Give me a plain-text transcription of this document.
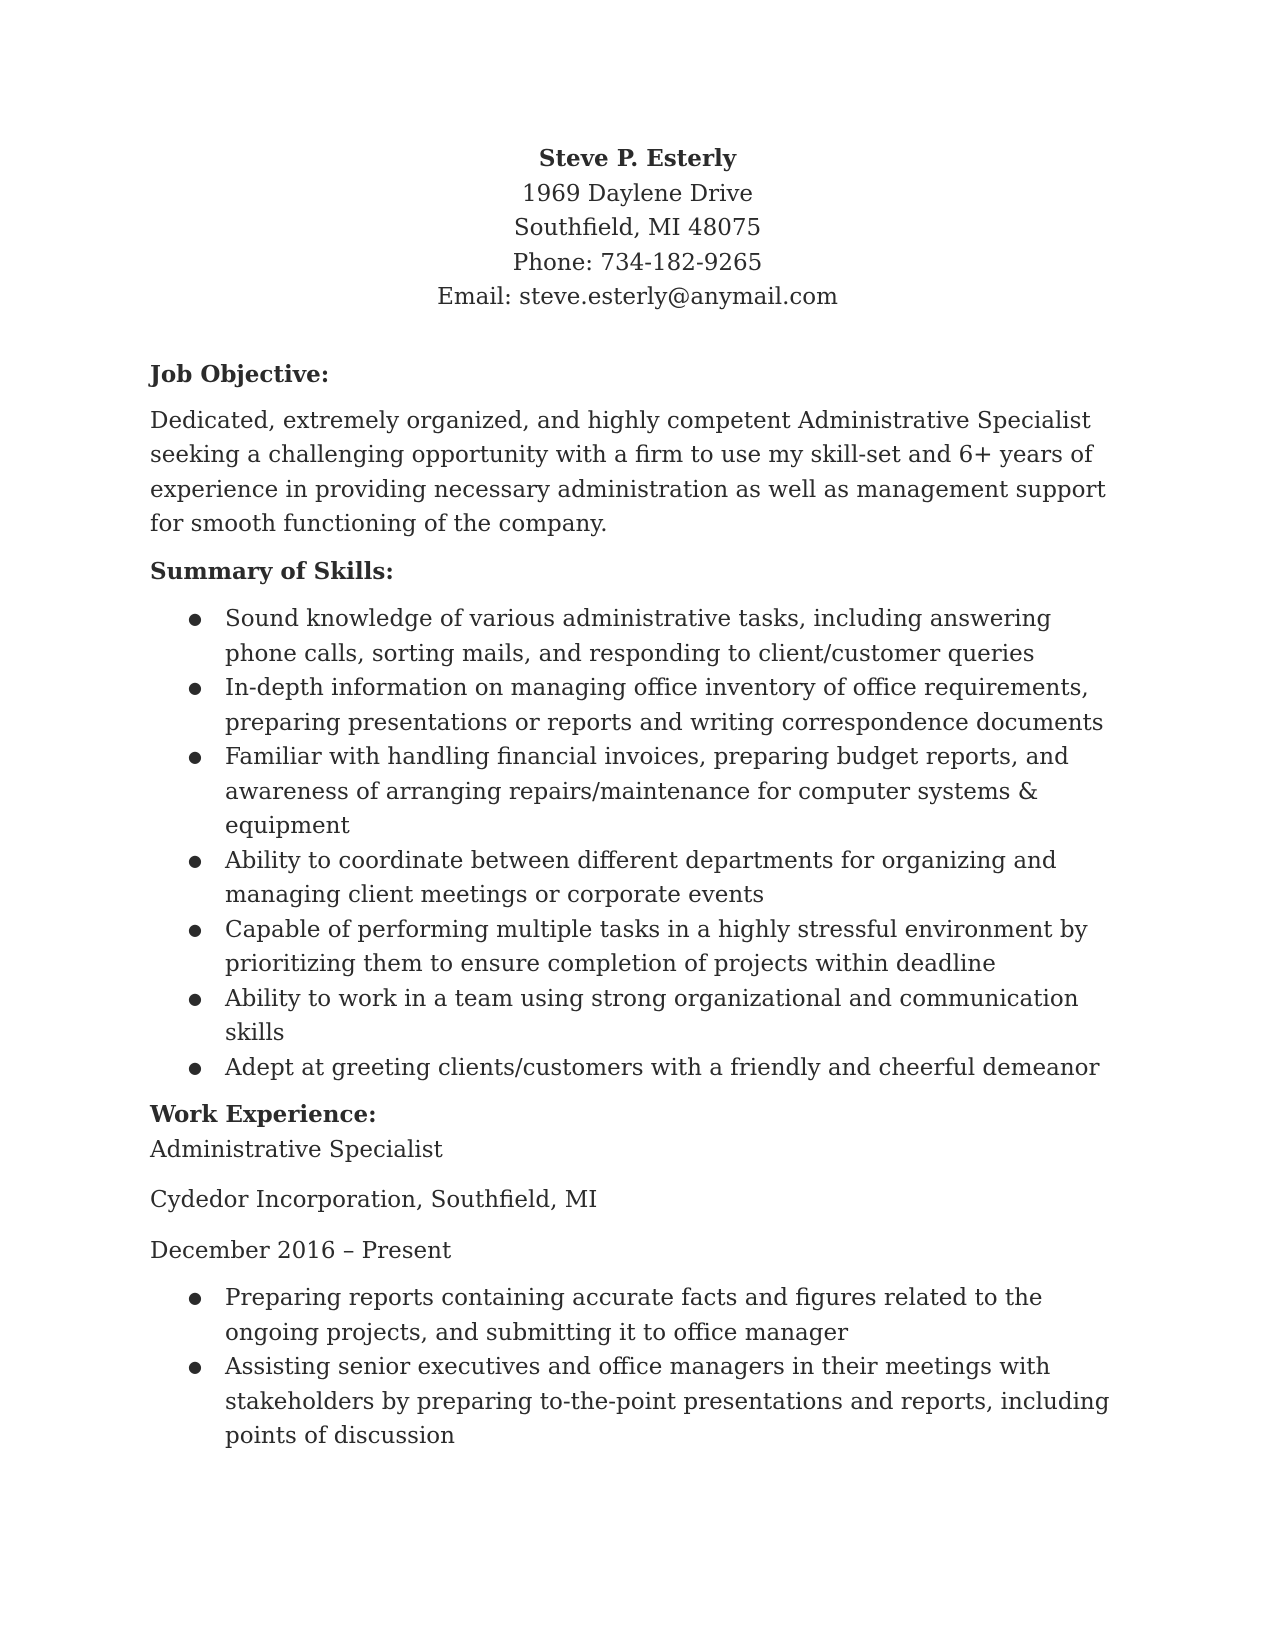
Steve P. Esterly
1969 Daylene Drive
Southfield, MI 48075
Phone: 734-182-9265
Email: steve.esterly@anymail.com

Job Objective:

Dedicated, extremely organized, and highly competent Administrative Specialist seeking a challenging opportunity with a firm to use my skill-set and 6+ years of experience in providing necessary administration as well as management support for smooth functioning of the company.

Summary of Skills:

● Sound knowledge of various administrative tasks, including answering phone calls, sorting mails, and responding to client/customer queries
● In-depth information on managing office inventory of office requirements, preparing presentations or reports and writing correspondence documents
● Familiar with handling financial invoices, preparing budget reports, and awareness of arranging repairs/maintenance for computer systems & equipment
● Ability to coordinate between different departments for organizing and managing client meetings or corporate events
● Capable of performing multiple tasks in a highly stressful environment by prioritizing them to ensure completion of projects within deadline
● Ability to work in a team using strong organizational and communication skills
● Adept at greeting clients/customers with a friendly and cheerful demeanor

Work Experience:

Administrative Specialist

Cydedor Incorporation, Southfield, MI

December 2016 – Present

● Preparing reports containing accurate facts and figures related to the ongoing projects, and submitting it to office manager
● Assisting senior executives and office managers in their meetings with stakeholders by preparing to-the-point presentations and reports, including points of discussion
